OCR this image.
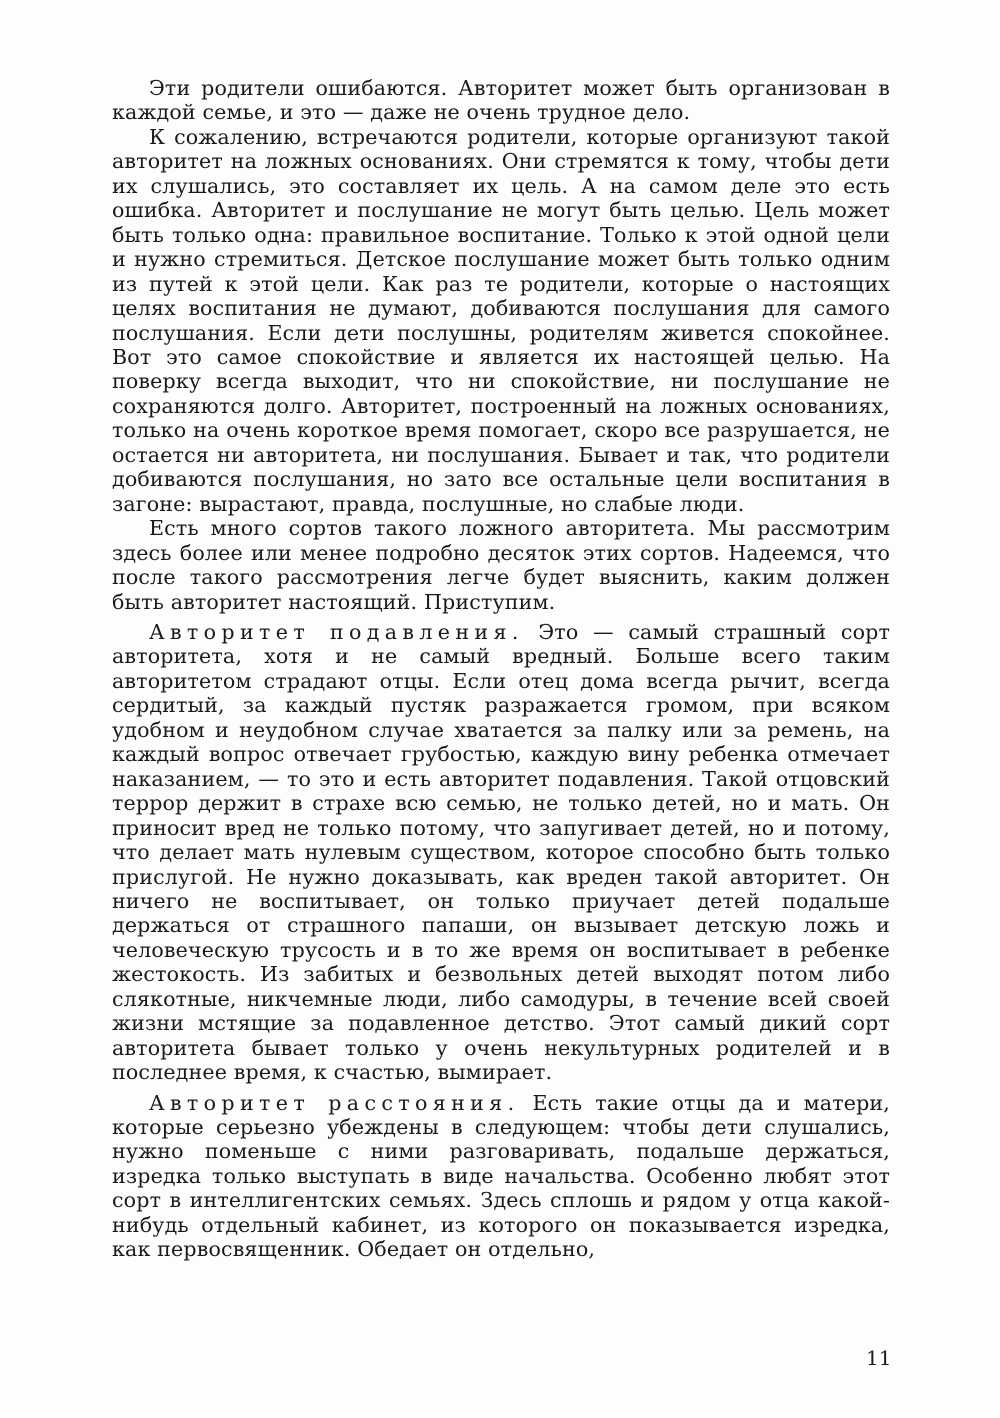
Эти родители ошибаются. Авторитет может быть организован в каждой семье, и это — даже не очень трудное дело.

К сожалению, встречаются родители, которые организуют такой авторитет на ложных основаниях. Они стремятся к тому, чтобы дети их слушались, это составляет их цель. А на самом деле это есть ошибка. Авторитет и послушание не могут быть целью. Цель может быть только одна: правильное воспитание. Только к этой одной цели и нужно стремиться. Детское послушание может быть только одним из путей к этой цели. Как раз те родители, которые о настоящих целях воспитания не думают, добиваются послушания для самого послушания. Если дети послушны, родителям живется спокойнее. Вот это самое спокойствие и является их настоящей целью. На поверку всегда выходит, что ни спокойствие, ни послушание не сохраняются долго. Авторитет, построенный на ложных основаниях, только на очень короткое время помогает, скоро все разрушается, не остается ни авторитета, ни послушания. Бывает и так, что родители добиваются послушания, но зато все остальные цели воспитания в загоне: вырастают, правда, послушные, но слабые люди.

Есть много сортов такого ложного авторитета. Мы рассмотрим здесь более или менее подробно десяток этих сортов. Надеемся, что после такого рассмотрения легче будет выяснить, каким должен быть авторитет настоящий. Приступим.

Авторитет подавления. Это — самый страшный сорт авторитета, хотя и не самый вредный. Больше всего таким авторитетом страдают отцы. Если отец дома всегда рычит, всегда сердитый, за каждый пустяк разражается громом, при всяком удобном и неудобном случае хватается за палку или за ремень, на каждый вопрос отвечает грубостью, каждую вину ребенка отмечает наказанием, — то это и есть авторитет подавления. Такой отцовский террор держит в страхе всю семью, не только детей, но и мать. Он приносит вред не только потому, что запугивает детей, но и потому, что делает мать нулевым существом, которое способно быть только прислугой. Не нужно доказывать, как вреден такой авторитет. Он ничего не воспитывает, он только приучает детей подальше держаться от страшного папаши, он вызывает детскую ложь и человеческую трусость и в то же время он воспитывает в ребенке жестокость. Из забитых и безвольных детей выходят потом либо слякотные, никчемные люди, либо самодуры, в течение всей своей жизни мстящие за подавленное детство. Этот самый дикий сорт авторитета бывает только у очень некультурных родителей и в последнее время, к счастью, вымирает.

Авторитет расстояния. Есть такие отцы да и матери, которые серьезно убеждены в следующем: чтобы дети слушались, нужно поменьше с ними разговаривать, подальше держаться, изредка только выступать в виде начальства. Особенно любят этот сорт в интеллигентских семьях. Здесь сплошь и рядом у отца какой-нибудь отдельный кабинет, из которого он показывается изредка, как первосвященник. Обедает он отдельно,

11
